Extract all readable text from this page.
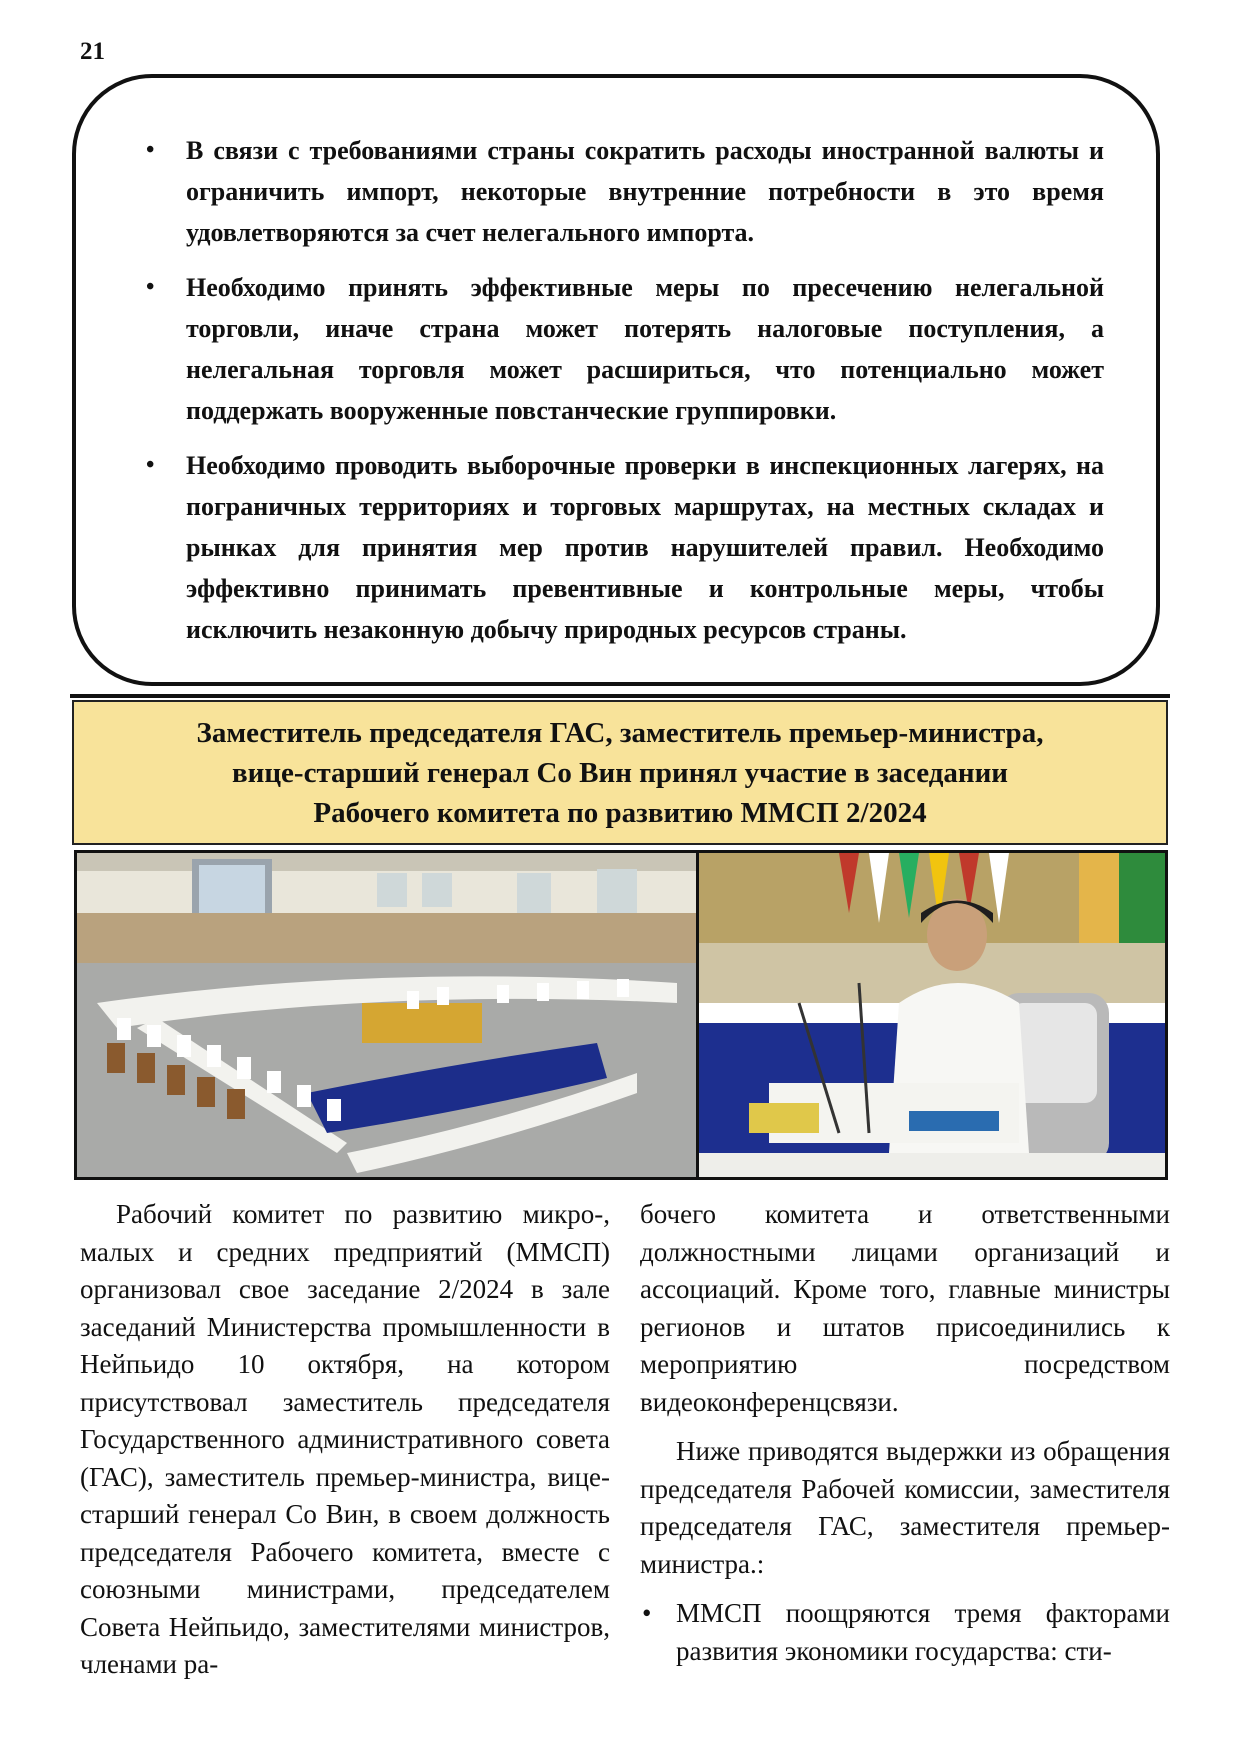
21
• В связи с требованиями страны сократить расходы иностранной валюты и ограничить импорт, некоторые внутренние потребности в это время удовлетворяются за счет нелегального импорта.
• Необходимо принять эффективные меры по пресечению нелегальной торговли, иначе страна может потерять налоговые поступления, а нелегальная торговля может расшириться, что потенциально может поддержать вооруженные повстанческие группировки.
• Необходимо проводить выборочные проверки в инспекционных лагерях, на пограничных территориях и торговых маршрутах, на местных складах и рынках для принятия мер против нарушителей правил. Необходимо эффективно принимать превентивные и контрольные меры, чтобы исключить незаконную добычу природных ресурсов страны.
Заместитель председателя ГАС, заместитель премьер-министра,
вице-старший генерал Со Вин принял участие в заседании
Рабочего комитета по развитию ММСП 2/2024

Рабочий комитет по развитию микро-, малых и средних предприятий (ММСП) организовал свое заседание 2/2024 в зале заседаний Министерства промышленности в Нейпьидо 10 октября, на котором присутствовал заместитель председателя Государственного административного совета (ГАС), заместитель премьер-министра, вице-старший генерал Со Вин, в своем должность председателя Рабочего комитета, вместе с союзными министрами, председателем Совета Нейпьидо, заместителями министров, членами ра-

бочего комитета и ответственными должностными лицами организаций и ассоциаций. Кроме того, главные министры регионов и штатов присоединились к мероприятию посредством видеоконференцсвязи.

Ниже приводятся выдержки из обращения председателя Рабочей комиссии, заместителя председателя ГАС, заместителя премьер-министра.:

• ММСП поощряются тремя факторами развития экономики государства: сти-
